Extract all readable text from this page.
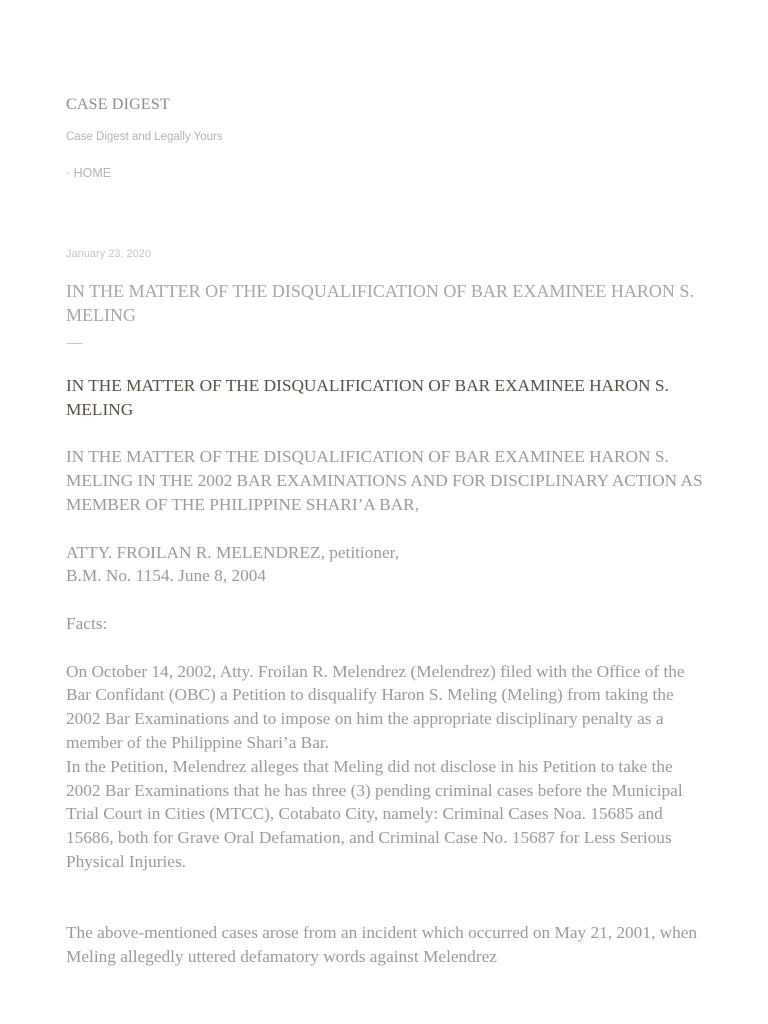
CASE DIGEST

Case Digest and Legally Yours

· HOME

January 23, 2020

IN THE MATTER OF THE DISQUALIFICATION OF BAR EXAMINEE HARON S. MELING

IN THE MATTER OF THE DISQUALIFICATION OF BAR EXAMINEE HARON S. MELING

IN THE MATTER OF THE DISQUALIFICATION OF BAR EXAMINEE HARON S. MELING IN THE 2002 BAR EXAMINATIONS AND FOR DISCIPLINARY ACTION AS MEMBER OF THE PHILIPPINE SHARI’A BAR,

ATTY. FROILAN R. MELENDREZ, petitioner,

B.M. No. 1154. June 8, 2004

Facts:

On October 14, 2002, Atty. Froilan R. Melendrez (Melendrez) filed with the Office of the Bar Confidant (OBC) a Petition to disqualify Haron S. Meling (Meling) from taking the 2002 Bar Examinations and to impose on him the appropriate disciplinary penalty as a member of the Philippine Shari’a Bar.

In the Petition, Melendrez alleges that Meling did not disclose in his Petition to take the 2002 Bar Examinations that he has three (3) pending criminal cases before the Municipal Trial Court in Cities (MTCC), Cotabato City, namely: Criminal Cases Noa. 15685 and 15686, both for Grave Oral Defamation, and Criminal Case No. 15687 for Less Serious Physical Injuries.

The above-mentioned cases arose from an incident which occurred on May 21, 2001, when Meling allegedly uttered defamatory words against Melendrez
